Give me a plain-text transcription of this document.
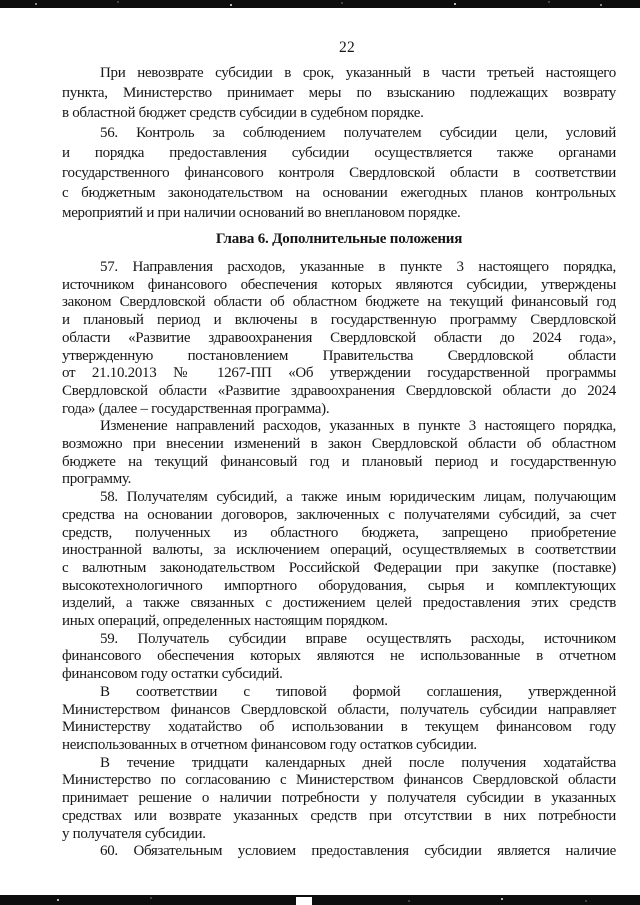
22
При невозврате субсидии в срок, указанный в части третьей настоящего
пункта, Министерство принимает меры по взысканию подлежащих возврату
в областной бюджет средств субсидии в судебном порядке.
56. Контроль за соблюдением получателем субсидии цели, условий
и порядка предоставления субсидии осуществляется также органами
государственного финансового контроля Свердловской области в соответствии
с бюджетным законодательством на основании ежегодных планов контрольных
мероприятий и при наличии оснований во внеплановом порядке.
Глава 6. Дополнительные положения
57. Направления расходов, указанные в пункте 3 настоящего порядка,
источником финансового обеспечения которых являются субсидии, утверждены
законом Свердловской области об областном бюджете на текущий финансовый год
и плановый период и включены в государственную программу Свердловской
области «Развитие здравоохранения Свердловской области до 2024 года»,
утвержденную постановлением Правительства Свердловской области
от 21.10.2013 № 1267-ПП «Об утверждении государственной программы
Свердловской области «Развитие здравоохранения Свердловской области до 2024
года» (далее – государственная программа).
Изменение направлений расходов, указанных в пункте 3 настоящего порядка,
возможно при внесении изменений в закон Свердловской области об областном
бюджете на текущий финансовый год и плановый период и государственную
программу.
58. Получателям субсидий, а также иным юридическим лицам, получающим
средства на основании договоров, заключенных с получателями субсидий, за счет
средств, полученных из областного бюджета, запрещено приобретение
иностранной валюты, за исключением операций, осуществляемых в соответствии
с валютным законодательством Российской Федерации при закупке (поставке)
высокотехнологичного импортного оборудования, сырья и комплектующих
изделий, а также связанных с достижением целей предоставления этих средств
иных операций, определенных настоящим порядком.
59. Получатель субсидии вправе осуществлять расходы, источником
финансового обеспечения которых являются не использованные в отчетном
финансовом году остатки субсидий.
В соответствии с типовой формой соглашения, утвержденной
Министерством финансов Свердловской области, получатель субсидии направляет
Министерству ходатайство об использовании в текущем финансовом году
неиспользованных в отчетном финансовом году остатков субсидии.
В течение тридцати календарных дней после получения ходатайства
Министерство по согласованию с Министерством финансов Свердловской области
принимает решение о наличии потребности у получателя субсидии в указанных
средствах или возврате указанных средств при отсутствии в них потребности
у получателя субсидии.
60. Обязательным условием предоставления субсидии является наличие
